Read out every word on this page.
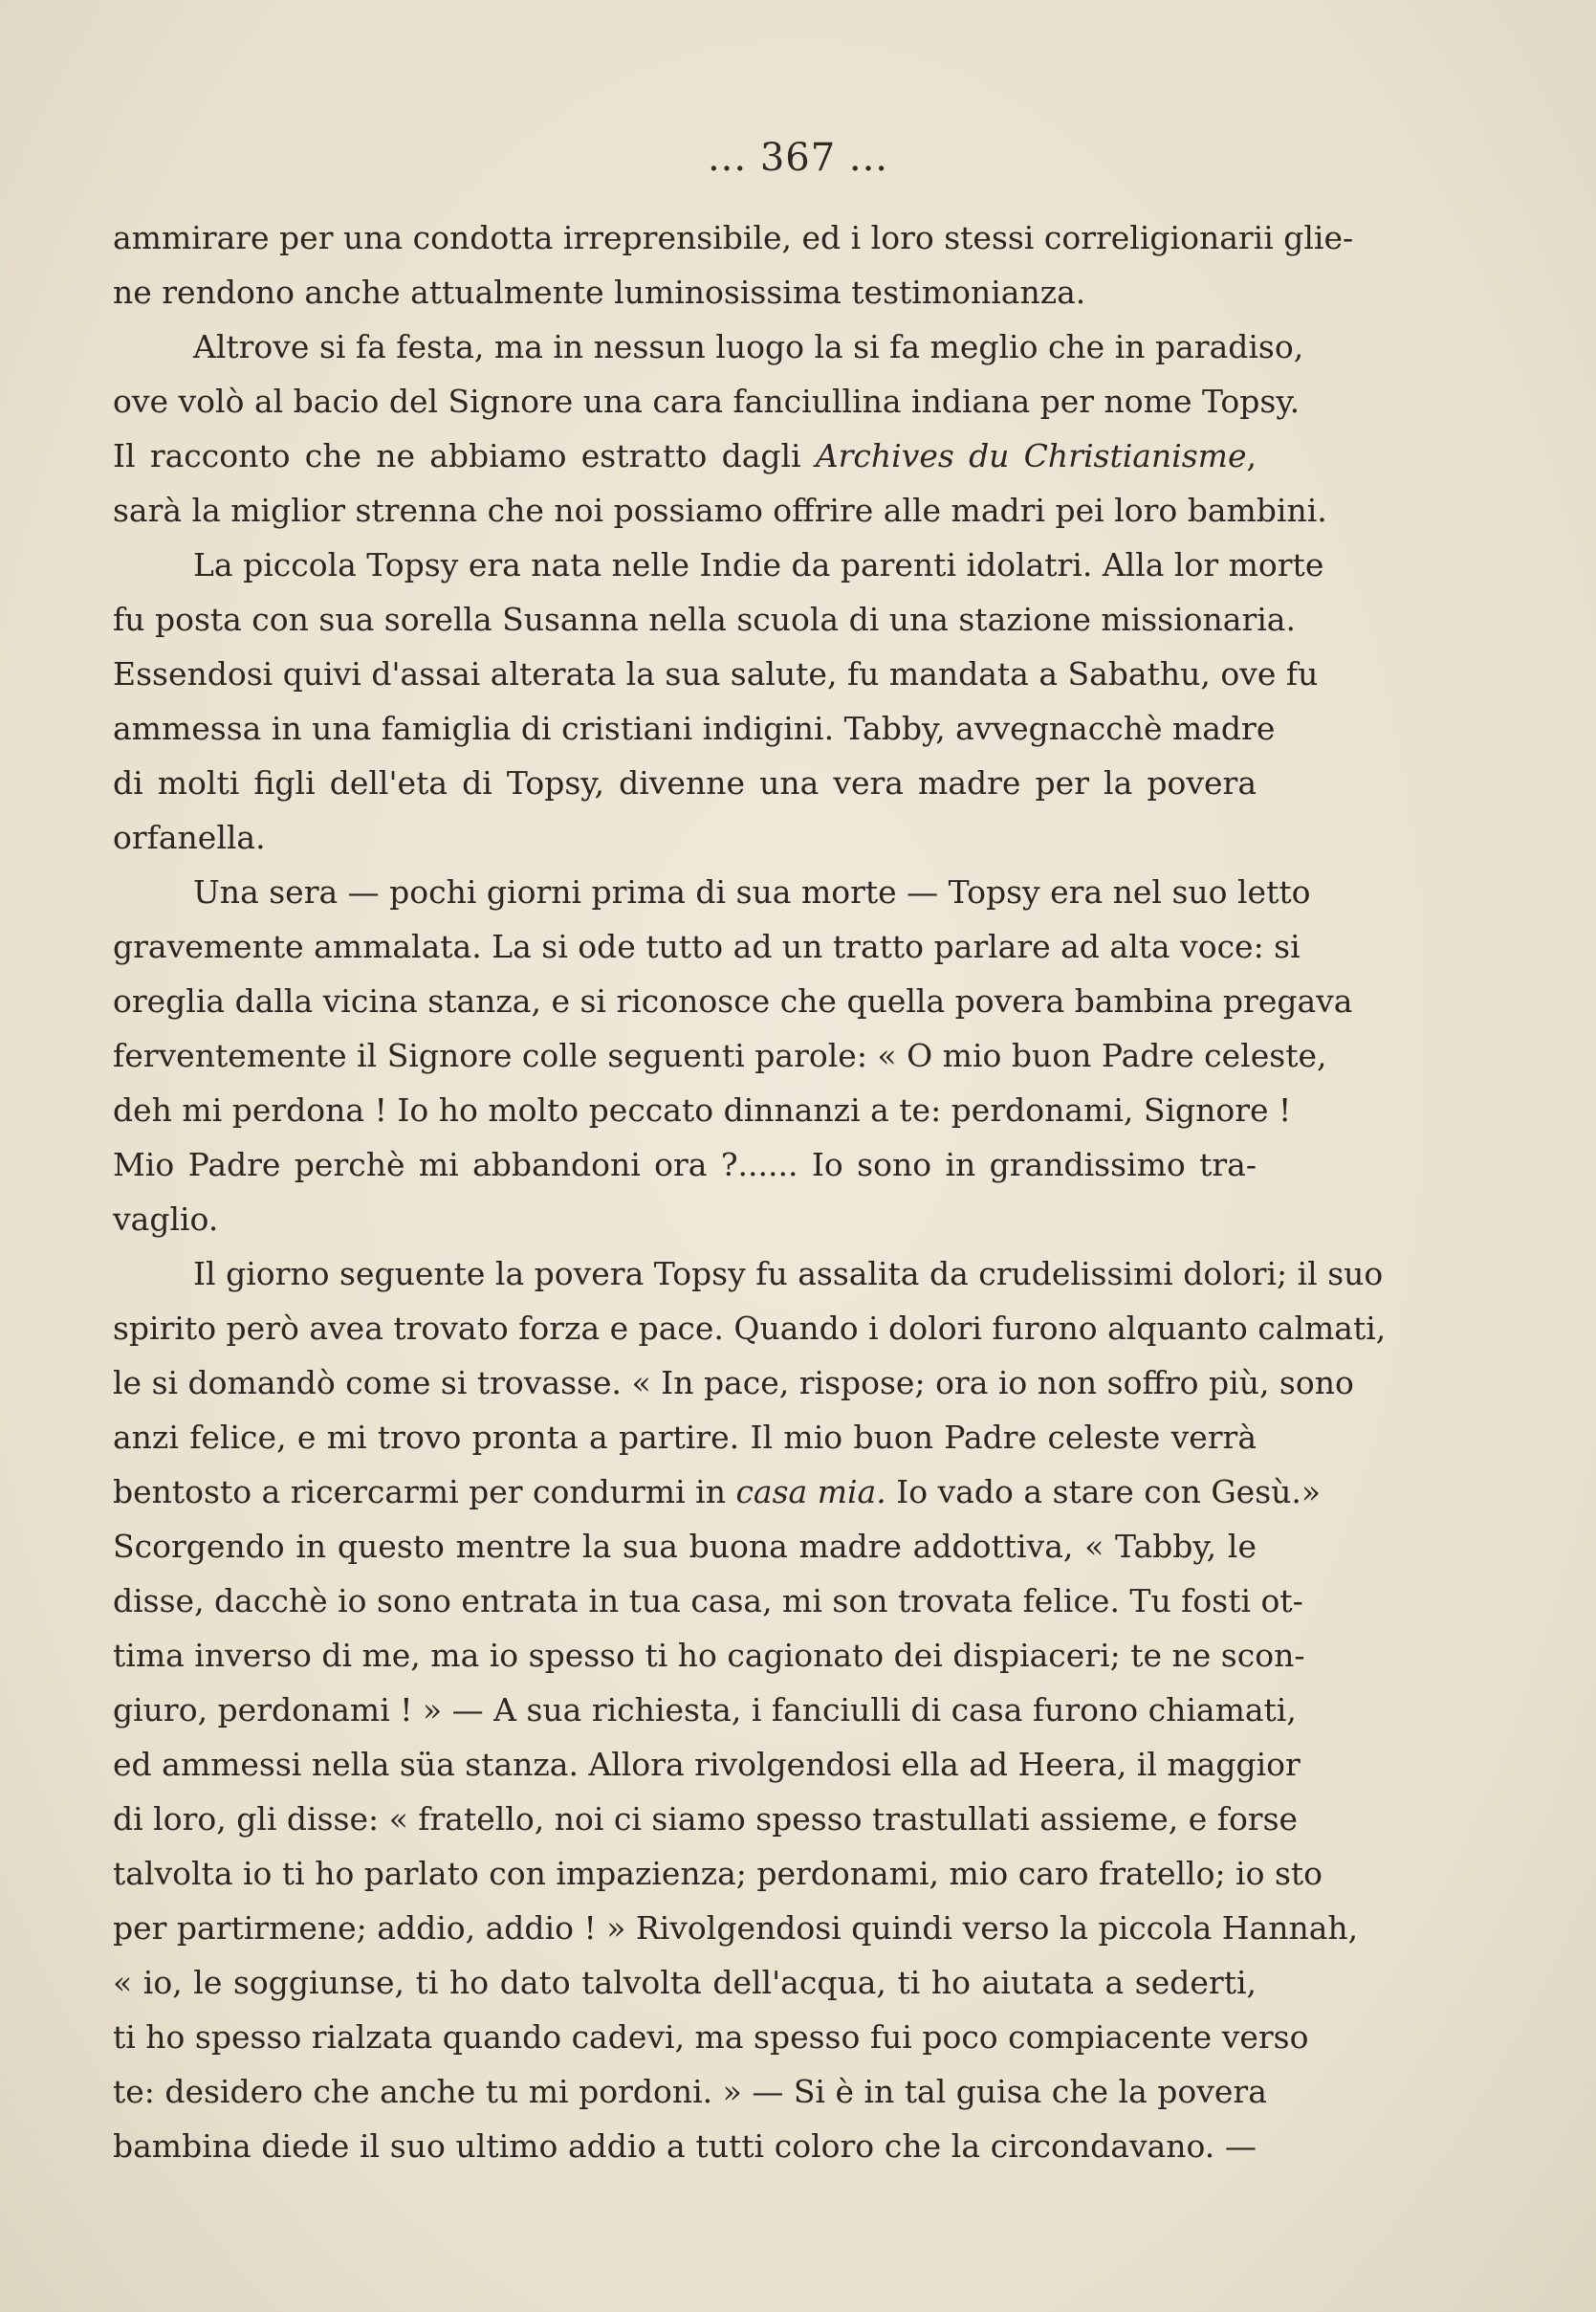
... 367 ...
ammirare per una condotta irreprensibile, ed i loro stessi correligionarii glie-
ne rendono anche attualmente luminosissima testimonianza.
Altrove si fa festa, ma in nessun luogo la si fa meglio che in paradiso,
ove volò al bacio del Signore una cara fanciullina indiana per nome Topsy.
Il racconto che ne abbiamo estratto dagli Archives du Christianisme,
sarà la miglior strenna che noi possiamo offrire alle madri pei loro bambini.
La piccola Topsy era nata nelle Indie da parenti idolatri. Alla lor morte
fu posta con sua sorella Susanna nella scuola di una stazione missionaria.
Essendosi quivi d'assai alterata la sua salute, fu mandata a Sabathu, ove fu
ammessa in una famiglia di cristiani indigini. Tabby, avvegnacchè madre
di molti figli dell'eta di Topsy, divenne una vera madre per la povera
orfanella.
Una sera — pochi giorni prima di sua morte — Topsy era nel suo letto
gravemente ammalata. La si ode tutto ad un tratto parlare ad alta voce: si
oreglia dalla vicina stanza, e si riconosce che quella povera bambina pregava
ferventemente il Signore colle seguenti parole: « O mio buon Padre celeste,
deh mi perdona ! Io ho molto peccato dinnanzi a te: perdonami, Signore !
Mio Padre perchè mi abbandoni ora ?...... Io sono in grandissimo tra-
vaglio.
Il giorno seguente la povera Topsy fu assalita da crudelissimi dolori; il suo
spirito però avea trovato forza e pace. Quando i dolori furono alquanto calmati,
le si domandò come si trovasse. « In pace, rispose; ora io non soffro più, sono
anzi felice, e mi trovo pronta a partire. Il mio buon Padre celeste verrà
bentosto a ricercarmi per condurmi in casa mia. Io vado a stare con Gesù.»
Scorgendo in questo mentre la sua buona madre addottiva, « Tabby, le
disse, dacchè io sono entrata in tua casa, mi son trovata felice. Tu fosti ot-
tima inverso di me, ma io spesso ti ho cagionato dei dispiaceri; te ne scon-
giuro, perdonami ! » — A sua richiesta, i fanciulli di casa furono chiamati,
ed ammessi nella süa stanza. Allora rivolgendosi ella ad Heera, il maggior
di loro, gli disse: « fratello, noi ci siamo spesso trastullati assieme, e forse
talvolta io ti ho parlato con impazienza; perdonami, mio caro fratello; io sto
per partirmene; addio, addio ! » Rivolgendosi quindi verso la piccola Hannah,
« io, le soggiunse, ti ho dato talvolta dell'acqua, ti ho aiutata a sederti,
ti ho spesso rialzata quando cadevi, ma spesso fui poco compiacente verso
te: desidero che anche tu mi pordoni. » — Si è in tal guisa che la povera
bambina diede il suo ultimo addio a tutti coloro che la circondavano. —
